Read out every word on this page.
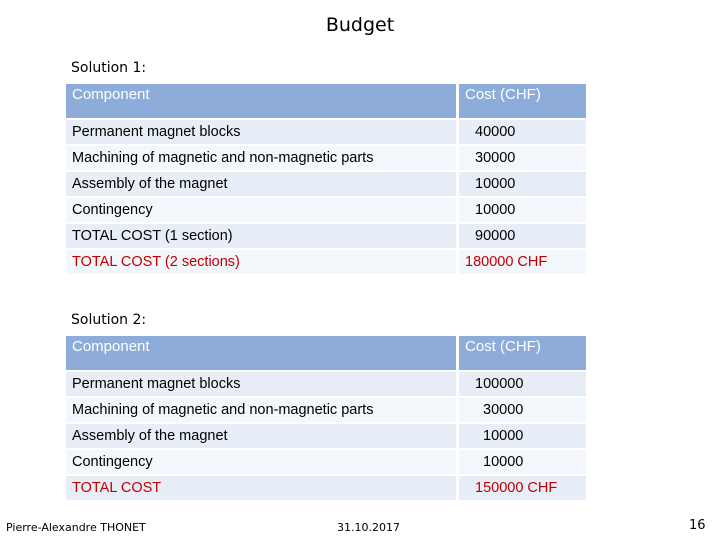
Budget
Solution 1:
Component	Cost (CHF)
Permanent magnet blocks	40000
Machining of magnetic and non-magnetic parts	30000
Assembly of the magnet	10000
Contingency	10000
TOTAL COST (1 section)	90000
TOTAL COST (2 sections)	180000 CHF
Solution 2:
Component	Cost (CHF)
Permanent magnet blocks	100000
Machining of magnetic and non-magnetic parts	30000
Assembly of the magnet	10000
Contingency	10000
TOTAL COST	150000 CHF
Pierre-Alexandre THONET	31.10.2017	16
